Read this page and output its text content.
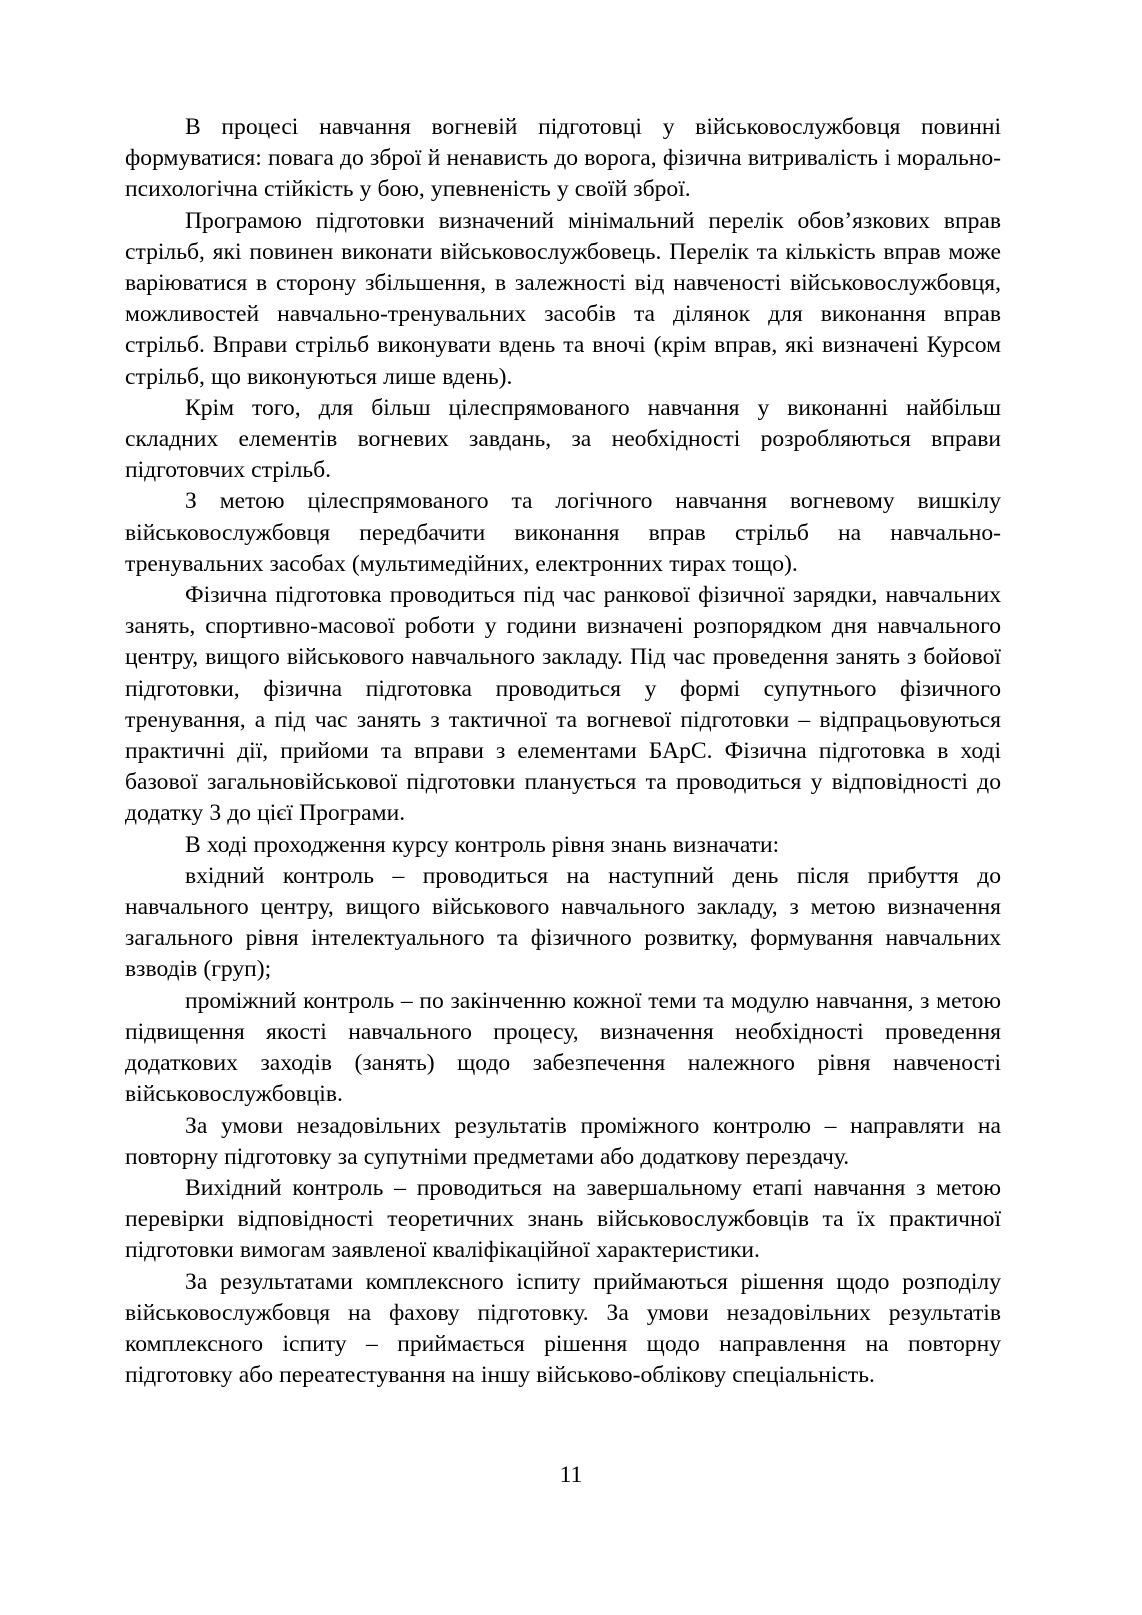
В процесі навчання вогневій підготовці у військовослужбовця повинні формуватися: повага до зброї й ненависть до ворога, фізична витривалість і морально-психологічна стійкість у бою, упевненість у своїй зброї.

Програмою підготовки визначений мінімальний перелік обов’язкових вправ стрільб, які повинен виконати військовослужбовець. Перелік та кількість вправ може варіюватися в сторону збільшення, в залежності від навченості військовослужбовця, можливостей навчально-тренувальних засобів та ділянок для виконання вправ стрільб. Вправи стрільб виконувати вдень та вночі (крім вправ, які визначені Курсом стрільб, що виконуються лише вдень).

Крім того, для більш цілеспрямованого навчання у виконанні найбільш складних елементів вогневих завдань, за необхідності розробляються вправи підготовчих стрільб.

З метою цілеспрямованого та логічного навчання вогневому вишкілу військовослужбовця передбачити виконання вправ стрільб на навчально-тренувальних засобах (мультимедійних, електронних тирах тощо).

Фізична підготовка проводиться під час ранкової фізичної зарядки, навчальних занять, спортивно-масової роботи у години визначені розпорядком дня навчального центру, вищого військового навчального закладу. Під час проведення занять з бойової підготовки, фізична підготовка проводиться у формі супутнього фізичного тренування, а під час занять з тактичної та вогневої підготовки – відпрацьовуються практичні дії, прийоми та вправи з елементами БАрС. Фізична підготовка в ході базової загальновійськової підготовки планується та проводиться у відповідності до додатку 3 до цієї Програми.

В ході проходження курсу контроль рівня знань визначати:

вхідний контроль – проводиться на наступний день після прибуття до навчального центру, вищого військового навчального закладу, з метою визначення загального рівня інтелектуального та фізичного розвитку, формування навчальних взводів (груп);

проміжний контроль – по закінченню кожної теми та модулю навчання, з метою підвищення якості навчального процесу, визначення необхідності проведення додаткових заходів (занять) щодо забезпечення належного рівня навченості військовослужбовців.

За умови незадовільних результатів проміжного контролю – направляти на повторну підготовку за супутніми предметами або додаткову перездачу.

Вихідний контроль – проводиться на завершальному етапі навчання з метою перевірки відповідності теоретичних знань військовослужбовців та їх практичної підготовки вимогам заявленої кваліфікаційної характеристики.

За результатами комплексного іспиту приймаються рішення щодо розподілу військовослужбовця на фахову підготовку. За умови незадовільних результатів комплексного іспиту – приймається рішення щодо направлення на повторну підготовку або переатестування на іншу військово-облікову спеціальність.

11
